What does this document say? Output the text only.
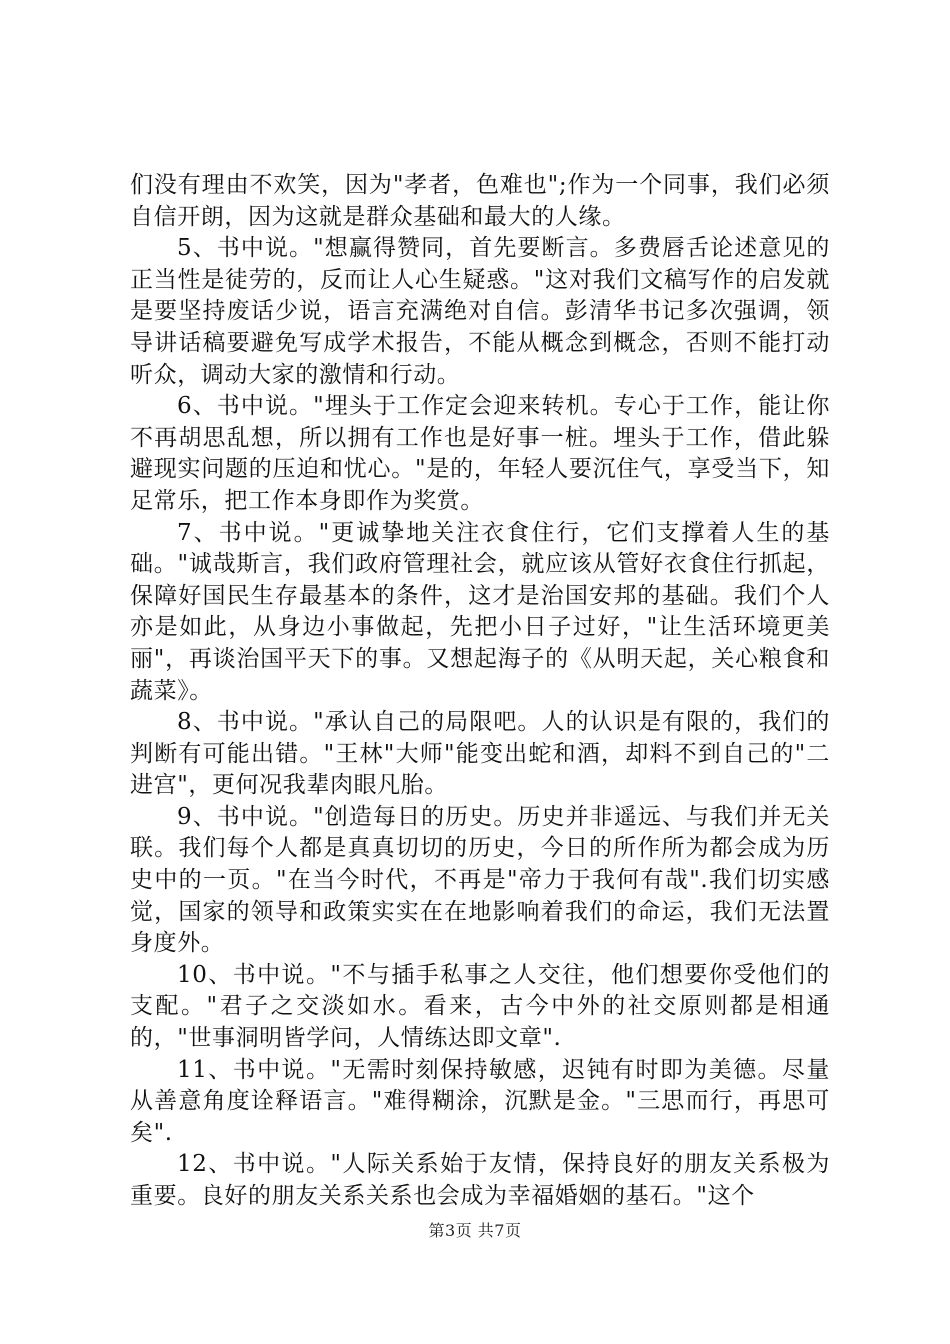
们没有理由不欢笑，因为"孝者，色难也";作为一个同事，我们必须自信开朗，因为这就是群众基础和最大的人缘。

5、书中说。"想赢得赞同，首先要断言。多费唇舌论述意见的正当性是徒劳的，反而让人心生疑惑。"这对我们文稿写作的启发就是要坚持废话少说，语言充满绝对自信。彭清华书记多次强调，领导讲话稿要避免写成学术报告，不能从概念到概念，否则不能打动听众，调动大家的激情和行动。

6、书中说。"埋头于工作定会迎来转机。专心于工作，能让你不再胡思乱想，所以拥有工作也是好事一桩。埋头于工作，借此躲避现实问题的压迫和忧心。"是的，年轻人要沉住气，享受当下，知足常乐，把工作本身即作为奖赏。

7、书中说。"更诚挚地关注衣食住行，它们支撑着人生的基础。"诚哉斯言，我们政府管理社会，就应该从管好衣食住行抓起，保障好国民生存最基本的条件，这才是治国安邦的基础。我们个人亦是如此，从身边小事做起，先把小日子过好，"让生活环境更美丽"，再谈治国平天下的事。又想起海子的《从明天起，关心粮食和蔬菜》。

8、书中说。"承认自己的局限吧。人的认识是有限的，我们的判断有可能出错。"王林"大师"能变出蛇和酒，却料不到自己的"二进宫"，更何况我辈肉眼凡胎。

9、书中说。"创造每日的历史。历史并非遥远、与我们并无关联。我们每个人都是真真切切的历史，今日的所作所为都会成为历史中的一页。"在当今时代，不再是"帝力于我何有哉".我们切实感觉，国家的领导和政策实实在在地影响着我们的命运，我们无法置身度外。

10、书中说。"不与插手私事之人交往，他们想要你受他们的支配。"君子之交淡如水。看来，古今中外的社交原则都是相通的，"世事洞明皆学问，人情练达即文章".

11、书中说。"无需时刻保持敏感，迟钝有时即为美德。尽量从善意角度诠释语言。"难得糊涂，沉默是金。"三思而行，再思可矣".

12、书中说。"人际关系始于友情，保持良好的朋友关系极为重要。良好的朋友关系关系也会成为幸福婚姻的基石。"这个

第3页 共7页
